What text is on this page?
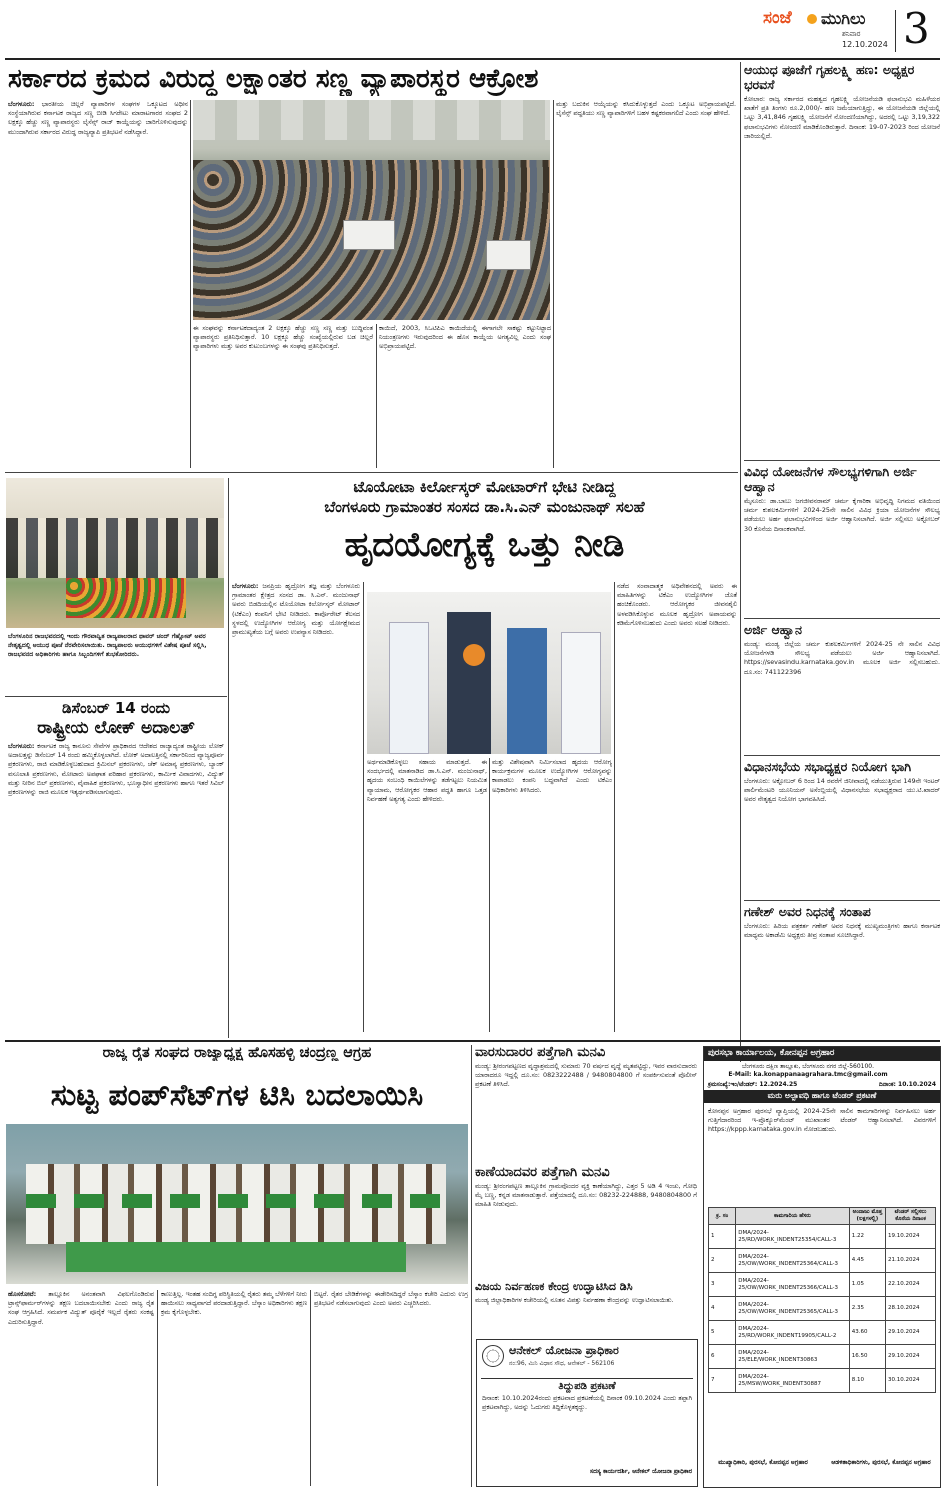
ಸಂಜೆ ಮುಗಿಲು
ಶನಿವಾರ
12.10.2024 3
ಸರ್ಕಾರದ ಕ್ರಮದ ವಿರುದ್ಧ ಲಕ್ಷಾಂತರ ಸಣ್ಣ ವ್ಯಾಪಾರಸ್ಥರ ಆಕ್ರೋಶ

ಬೆಂಗಳೂರು: ಭಾರತೀಯ ಚಿಲ್ಲರೆ ವ್ಯಾಪಾರಿಗಳ ಸಂಘಗಳ ಒಕ್ಕೂಟದ ಅಧೀನ ಸಂಸ್ಥೆಯಾಗಿರುವ ಕರ್ನಾಟಕ ರಾಜ್ಯದ ಸಣ್ಣ ಬೀಡಿ ಸಿಗರೇಟು ಮಾರಾಟಗಾರರ ಸಂಘದ 2 ಲಕ್ಷಕ್ಕೂ ಹೆಚ್ಚು ಸಣ್ಣ ವ್ಯಾಪಾರಸ್ಥರು ಲೈಸೆನ್ಸ್ ರಾಜ್ ಕಾಯ್ದೆಯನ್ನು ಜಾರಿಗೊಳಿಸುವುದನ್ನು ಮುಂದಾಗಿರುವ ಸರ್ಕಾರದ ವಿರುದ್ಧ ರಾಜ್ಯವ್ಯಾಪಿ ಪ್ರತಿಭಟನೆ ನಡೆಸಿದ್ದಾರೆ.

ಈ ಸಂಘವನ್ನು ಕರ್ನಾಟಕದಾದ್ಯಂತ 2 ಲಕ್ಷಕ್ಕೂ ಹೆಚ್ಚು ಸಣ್ಣ ಸಣ್ಣ ಮತ್ತು ಬುದ್ಧಿವಂತ ವ್ಯಾಪಾರಸ್ಥರು ಪ್ರತಿನಿಧಿಸುತ್ತಾರೆ. 10 ಲಕ್ಷಕ್ಕೂ ಹೆಚ್ಚು ಸಂಖ್ಯೆಯಲ್ಲಿರುವ ಬಡ ಚಿಲ್ಲರೆ ವ್ಯಾಪಾರಿಗಳು ಮತ್ತು ಅವರ ಕುಟುಂಬಗಳನ್ನು ಈ ಸಂಘವು ಪ್ರತಿನಿಧಿಸುತ್ತದೆ.

ಕಾಯಿದೆ, 2003, ಸಿಒಟಿಪಿಎ ಕಾಯಿದೆಯಲ್ಲಿ ಈಗಾಗಲೇ ಸಾಕಷ್ಟು ಕಟ್ಟುನಿಟ್ಟಾದ ನಿಯಂತ್ರಣಗಳು ಇರುವುದರಿಂದ ಈ ಹೊಸ ಕಾಯ್ದೆಯ ಅಗತ್ಯವಿಲ್ಲ ಎಂದು ಸಂಘ ಅಭಿಪ್ರಾಯಪಟ್ಟಿದೆ.

ಮತ್ತು ಬದುಕಿನ ಆಯ್ಕೆಯನ್ನು ಕಸಿದುಕೊಳ್ಳುತ್ತದೆ ಎಂದು ಒಕ್ಕೂಟ ಅಭಿಪ್ರಾಯಪಟ್ಟಿದೆ. ಲೈಸೆನ್ಸ್ ಪದ್ಧತಿಯು ಸಣ್ಣ ವ್ಯಾಪಾರಿಗಳಿಗೆ ಬಹಳ ಕಷ್ಟಕರವಾಗಲಿದೆ ಎಂದು ಸಂಘ ಹೇಳಿದೆ.

ಬೆಂಗಳೂರಿನ ರಾಜಭವನದಲ್ಲಿ ಇಂದು ಗೌರವಾನ್ವಿತ ರಾಜ್ಯಪಾಲರಾದ ಥಾವರ್ ಚಂದ್ ಗೆಹ್ಲೋಟ್ ಅವರ ನೇತೃತ್ವದಲ್ಲಿ ಆಯುಧ ಪೂಜೆ ನೆರವೇರಿಸಲಾಯಿತು. ರಾಜ್ಯಪಾಲರು ಆಯುಧಗಳಿಗೆ ವಿಶೇಷ ಪೂಜೆ ಸಲ್ಲಿಸಿ, ರಾಜಭವನದ ಅಧಿಕಾರಿಗಳು ಹಾಗೂ ಸಿಬ್ಬಂದಿಗಳಿಗೆ ಶುಭಕೋರಿದರು.
ಡಿಸೆಂಬರ್ 14 ರಂದು
ರಾಷ್ಟ್ರೀಯ ಲೋಕ್ ಅದಾಲತ್

ಬೆಂಗಳೂರು: ಕರ್ನಾಟಕ ರಾಜ್ಯ ಕಾನೂನು ಸೇವೆಗಳ ಪ್ರಾಧಿಕಾರದ ಆದೇಶದ ರಾಜ್ಯಾದ್ಯಂತ ರಾಷ್ಟ್ರೀಯ ಲೋಕ್ ಅದಾಲತ್ತನ್ನು ಡಿಸೆಂಬರ್ 14 ರಂದು ಹಮ್ಮಿಕೊಳ್ಳಲಾಗಿದೆ. ಲೋಕ್ ಅದಾಲತ್ತಿನಲ್ಲಿ ಸರ್ಕಾರಿನಿಂದ ವ್ಯಾಜ್ಯಪೂರ್ವ ಪ್ರಕರಣಗಳು, ರಾಜಿ ಮಾಡಿಕೊಳ್ಳಬಹುದಾದ ಕ್ರಿಮಿನಲ್ ಪ್ರಕರಣಗಳು, ಚೆಕ್ ಅಮಾನ್ಯ ಪ್ರಕರಣಗಳು, ಬ್ಯಾಂಕ್ ವಸೂಲಾತಿ ಪ್ರಕರಣಗಳು, ಮೋಟಾರು ಅಪಘಾತ ಪರಿಹಾರ ಪ್ರಕರಣಗಳು, ಕಾರ್ಮಿಕ ವಿವಾದಗಳು, ವಿದ್ಯುತ್ ಮತ್ತು ನೀರಿನ ಬಿಲ್ ಪ್ರಕರಣಗಳು, ವೈವಾಹಿಕ ಪ್ರಕರಣಗಳು, ಭೂಸ್ವಾಧೀನ ಪ್ರಕರಣಗಳು ಹಾಗೂ ಇತರೆ ಸಿವಿಲ್ ಪ್ರಕರಣಗಳನ್ನು ರಾಜಿ ಮೂಲಕ ಇತ್ಯರ್ಥಪಡಿಸಲಾಗುವುದು.

ಟೊಯೋಟಾ ಕಿರ್ಲೋಸ್ಕರ್ ಮೋಟಾರ್‌ಗೆ ಭೇಟಿ ನೀಡಿದ್ದ
ಬೆಂಗಳೂರು ಗ್ರಾಮಾಂತರ ಸಂಸದ ಡಾ.ಸಿ.ಎನ್ ಮಂಜುನಾಥ್ ಸಲಹೆ
ಹೃದಯೋಗ್ಯಕ್ಕೆ ಒತ್ತು ನೀಡಿ

ಬೆಂಗಳೂರು: ಜನಪ್ರಿಯ ಹೃದ್ರೋಗ ತಜ್ಞ ಮತ್ತು ಬೆಂಗಳೂರು ಗ್ರಾಮಾಂತರ ಕ್ಷೇತ್ರದ ಸಂಸದ ಡಾ. ಸಿ.ಎನ್. ಮಂಜುನಾಥ್ ಅವರು ಬಿಡದಿಯಲ್ಲಿನ ಟೊಯೋಟಾ ಕಿರ್ಲೋಸ್ಕರ್ ಮೋಟಾರ್ (ಟಿಕೆಎಂ) ಕಂಪನಿಗೆ ಭೇಟಿ ನೀಡಿದರು. ಕಾರ್ಪೊರೇಟ್ ಕೆಲಸದ ಸ್ಥಳದಲ್ಲಿ ಉದ್ಯೋಗಿಗಳ ಆರೋಗ್ಯ ಮತ್ತು ಯೋಗಕ್ಷೇಮದ ಪ್ರಾಮುಖ್ಯತೆಯ ಬಗ್ಗೆ ಅವರು ಉಪನ್ಯಾಸ ನೀಡಿದರು.

ಅರ್ಥಮಾಡಿಕೊಳ್ಳಲು ಸಹಾಯ ಮಾಡುತ್ತದೆ. ಈ ಸಂದರ್ಭದಲ್ಲಿ ಮಾತನಾಡಿದ ಡಾ.ಸಿ.ಎನ್. ಮಂಜುನಾಥ್, ಹೃದಯ ಸಂಬಂಧಿ ಕಾಯಿಲೆಗಳನ್ನು ತಡೆಗಟ್ಟಲು ನಿಯಮಿತ ವ್ಯಾಯಾಮ, ಆರೋಗ್ಯಕರ ಆಹಾರ ಪದ್ಧತಿ ಹಾಗೂ ಒತ್ತಡ ನಿರ್ವಹಣೆ ಅತ್ಯಗತ್ಯ ಎಂದು ಹೇಳಿದರು.

ಮತ್ತು ವಿಶೇಷವಾಗಿ ನಿರ್ಮಿಸಲಾದ ಹೃದಯ ಆರೋಗ್ಯ ಕಾರ್ಯಕ್ರಮಗಳ ಮೂಲಕ ಉದ್ಯೋಗಿಗಳ ಆರೋಗ್ಯವನ್ನು ಕಾಪಾಡಲು ಕಂಪನಿ ಬದ್ಧವಾಗಿದೆ ಎಂದು ಟಿಕೆಎಂ ಅಧಿಕಾರಿಗಳು ತಿಳಿಸಿದರು.

ನಡೆದ ಸಂವಾದಾತ್ಮಕ ಅಧಿವೇಶನದಲ್ಲಿ ಅವರು ಈ ಮಾಹಿತಿಗಳನ್ನು ಟಿಕೆಎಂ ಉದ್ಯೋಗಿಗಳ ಜೊತೆ ಹಂಚಿಕೊಂಡರು. ಆರೋಗ್ಯಕರ ಜೀವನಶೈಲಿ ಅಳವಡಿಸಿಕೊಳ್ಳುವ ಮೂಲಕ ಹೃದ್ರೋಗ ಅಪಾಯವನ್ನು ಕಡಿಮೆಗೊಳಿಸಬಹುದು ಎಂದು ಅವರು ಸಲಹೆ ನೀಡಿದರು.

ಆಯುಧ ಪೂಜೆಗೆ ಗೃಹಲಕ್ಷ್ಮಿ ಹಣ: ಅಧ್ಯಕ್ಷರ ಭರವಸೆ
ಕೋಲಾರ: ರಾಜ್ಯ ಸರ್ಕಾರದ ಮಹತ್ವದ ಗೃಹಲಕ್ಷ್ಮಿ ಯೋಜನೆಯಡಿ ಫಲಾನುಭವಿ ಮಹಿಳೆಯರ ಖಾತೆಗೆ ಪ್ರತಿ ತಿಂಗಳು ರೂ.2,000/- ಹಣ ಜಮೆಯಾಗುತ್ತಿದ್ದು, ಈ ಯೋಜನೆಯಡಿ ಜಿಲ್ಲೆಯಲ್ಲಿ ಒಟ್ಟು 3,41,846 ಗೃಹಲಕ್ಷ್ಮಿ ಯೋಜನೆಗೆ ನೋಂದಣಿಯಾಗಿದ್ದು, ಅದರಲ್ಲಿ ಒಟ್ಟು 3,19,322 ಫಲಾನುಭವಿಗಳು ನೋಂದಣಿ ಮಾಡಿಕೊಂಡಿರುತ್ತಾರೆ. ದಿನಾಂಕ: 19-07-2023 ರಿಂದ ಯೋಜನೆ ಜಾರಿಯಲ್ಲಿದೆ.
ವಿವಿಧ ಯೋಜನೆಗಳ ಸೌಲಭ್ಯಗಳಿಗಾಗಿ ಅರ್ಜಿ ಆಹ್ವಾನ
ಮೈಸೂರು: ಡಾ.ಬಾಬು ಜಗಜೀವನರಾಮ್ ಚರ್ಮ ಕೈಗಾರಿಕಾ ಅಭಿವೃದ್ಧಿ ನಿಗಮದ ವತಿಯಿಂದ ಚರ್ಮ ಕುಶಲಕರ್ಮಿಗಳಿಗೆ 2024-25ನೇ ಸಾಲಿನ ವಿವಿಧ ಕ್ರಿಯಾ ಯೋಜನೆಗಳ ಸೌಲಭ್ಯ ಪಡೆಯಲು ಅರ್ಹ ಫಲಾನುಭವಿಗಳಿಂದ ಅರ್ಜಿ ಆಹ್ವಾನಿಸಲಾಗಿದೆ. ಅರ್ಜಿ ಸಲ್ಲಿಸಲು ಅಕ್ಟೋಬರ್ 30 ಕೊನೆಯ ದಿನಾಂಕವಾಗಿದೆ.
ಅರ್ಜಿ ಆಹ್ವಾನ
ಮಂಡ್ಯ: ಮಂಡ್ಯ ಜಿಲ್ಲೆಯ ಚರ್ಮ ಕುಶಲಕರ್ಮಿಗಳಿಗೆ 2024-25 ನೇ ಸಾಲಿನ ವಿವಿಧ ಯೋಜನೆಗಳಡಿ ಸೌಲಭ್ಯ ಪಡೆಯಲು ಅರ್ಜಿ ಆಹ್ವಾನಿಸಲಾಗಿದೆ. https://sevasindu.karnataka.gov.in ಮೂಲಕ ಅರ್ಜಿ ಸಲ್ಲಿಸಬಹುದು. ದೂ.ಸಂ: 741122396
ವಿಧಾನಸಭೆಯ ಸಭಾಧ್ಯಕ್ಷರ ನಿಯೋಗ ಭಾಗಿ
ಬೆಂಗಳೂರು: ಅಕ್ಟೋಬರ್ 6 ರಿಂದ 14 ರವರೆಗೆ ಜಿನೀವಾದಲ್ಲಿ ನಡೆಯುತ್ತಿರುವ 149ನೇ ಇಂಟರ್ ಪಾರ್ಲಿಮೆಂಟರಿ ಯೂನಿಯನ್ ಅಸೆಂಬ್ಲಿಯಲ್ಲಿ ವಿಧಾನಸಭೆಯ ಸಭಾಧ್ಯಕ್ಷರಾದ ಯು.ಟಿ.ಖಾದರ್ ಅವರ ನೇತೃತ್ವದ ನಿಯೋಗ ಭಾಗವಹಿಸಿದೆ.
ಗಣೇಶ್ ಅವರ ನಿಧನಕ್ಕೆ ಸಂತಾಪ
ಬೆಂಗಳೂರು: ಹಿರಿಯ ಪತ್ರಕರ್ತ ಗಣೇಶ್ ಅವರ ನಿಧನಕ್ಕೆ ಮುಖ್ಯಮಂತ್ರಿಗಳು ಹಾಗೂ ಕರ್ನಾಟಕ ಮಾಧ್ಯಮ ಅಕಾಡೆಮಿ ಅಧ್ಯಕ್ಷರು ತೀವ್ರ ಸಂತಾಪ ಸೂಚಿಸಿದ್ದಾರೆ.
ರಾಜ್ಯ ರೈತ ಸಂಘದ ರಾಜ್ಯಾಧ್ಯಕ್ಷ ಹೊಸಹಳ್ಳಿ ಚಂದ್ರಣ್ಣ ಆಗ್ರಹ
ಸುಟ್ಟ ಪಂಪ್‌ಸೆಟ್‌ಗಳ ಟಿಸಿ ಬದಲಾಯಿಸಿ

ಹೊಸಕೋಟೆ: ತಾಲ್ಲೂಕಿನ ಅನಂತವಾಗಿ ವಿಫಲಗೊಂಡಿರುವ ಟ್ರಾನ್ಸ್‌ಫಾರ್ಮರ್‌ಗಳನ್ನು ತಕ್ಷಣ ಬದಲಾಯಿಸಬೇಕು ಎಂದು ರಾಜ್ಯ ರೈತ ಸಂಘ ಆಗ್ರಹಿಸಿದೆ. ಸಮರ್ಪಕ ವಿದ್ಯುತ್ ಪೂರೈಕೆ ಇಲ್ಲದೆ ರೈತರು ಸಂಕಷ್ಟ ಎದುರಿಸುತ್ತಿದ್ದಾರೆ.

ಕಾಣುತ್ತಿಲ್ಲ. ಇಂತಹ ಸಂದಿಗ್ಧ ಪರಿಸ್ಥಿತಿಯಲ್ಲಿ ರೈತರು ತಮ್ಮ ಬೆಳೆಗಳಿಗೆ ನೀರು ಹಾಯಿಸಲು ಸಾಧ್ಯವಾಗದೆ ಪರದಾಡುತ್ತಿದ್ದಾರೆ. ಬೆಸ್ಕಾಂ ಅಧಿಕಾರಿಗಳು ತಕ್ಷಣ ಕ್ರಮ ಕೈಗೊಳ್ಳಬೇಕು.

ಬಿಟ್ಟರೆ. ರೈತರ ಬೇಡಿಕೆಗಳನ್ನು ಈಡೇರಿಸದಿದ್ದರೆ ಬೆಸ್ಕಾಂ ಕಚೇರಿ ಎದುರು ಉಗ್ರ ಪ್ರತಿಭಟನೆ ನಡೆಸಲಾಗುವುದು ಎಂದು ಅವರು ಎಚ್ಚರಿಸಿದರು.

ವಾರಸುದಾರರ ಪತ್ತೆಗಾಗಿ ಮನವಿ
ಮಂಡ್ಯ: ಶ್ರೀರಂಗಪಟ್ಟಣದ ವೃದ್ಧಾಶ್ರಮದಲ್ಲಿ ಸುಮಾರು 70 ವರ್ಷದ ವೃದ್ಧೆ ಮೃತಪಟ್ಟಿದ್ದು, ಇವರ ವಾರಸುದಾರರು ಯಾರಾದರೂ ಇದ್ದಲ್ಲಿ ದೂ.ಸಂ: 0823222488 / 9480804800 ಗೆ ಸಂಪರ್ಕಿಸುವಂತೆ ಪೊಲೀಸ್ ಪ್ರಕಟಣೆ ತಿಳಿಸಿದೆ.
ಕಾಣೆಯಾದವರ ಪತ್ತೆಗಾಗಿ ಮನವಿ
ಮಂಡ್ಯ: ಶ್ರೀರಂಗಪಟ್ಟಣ ತಾಲ್ಲೂಕಿನ ಗ್ರಾಮವೊಂದರ ವ್ಯಕ್ತಿ ಕಾಣೆಯಾಗಿದ್ದು, ಎತ್ತರ 5 ಅಡಿ 4 ಇಂಚು, ಗೋಧಿ ಮೈ ಬಣ್ಣ, ಕನ್ನಡ ಮಾತನಾಡುತ್ತಾರೆ. ಪತ್ತೆಯಾದಲ್ಲಿ ದೂ.ಸಂ: 08232-224888, 9480804800 ಗೆ ಮಾಹಿತಿ ನೀಡುವುದು.
ವಿಜಯ ನಿರ್ವಹಣಕ ಕೇಂದ್ರ ಉದ್ಘಾಟಿಸಿದ ಡಿಸಿ
ಮಂಡ್ಯ ಜಿಲ್ಲಾಧಿಕಾರಿಗಳ ಕಚೇರಿಯಲ್ಲಿ ನೂತನ ವಿಪತ್ತು ನಿರ್ವಹಣಾ ಕೇಂದ್ರವನ್ನು ಉದ್ಘಾಟಿಸಲಾಯಿತು.
ಆನೇಕಲ್ ಯೋಜನಾ ಪ್ರಾಧಿಕಾರ
ನಂ:96, ಮಿನಿ ವಿಧಾನ ಸೌಧ, ಆನೇಕಲ್ - 562106
ತಿದ್ದುಪಡಿ ಪ್ರಕಟಣೆ
ದಿನಾಂಕ: 10.10.2024ರಂದು ಪ್ರಕಟವಾದ ಪ್ರಕಟಣೆಯಲ್ಲಿ ದಿನಾಂಕ 09.10.2024 ಎಂದು ತಪ್ಪಾಗಿ ಪ್ರಕಟವಾಗಿದ್ದು, ಅದನ್ನು ಓದುಗರು ತಿದ್ದಿಕೊಳ್ಳತಕ್ಕದ್ದು.
ಸದಸ್ಯ ಕಾರ್ಯದರ್ಶಿ, ಆನೇಕಲ್ ಯೋಜನಾ ಪ್ರಾಧಿಕಾರ
ಪುರಸಭಾ ಕಾರ್ಯಾಲಯ, ಕೋನಪ್ಪನ ಅಗ್ರಹಾರ
ಬೆಂಗಳೂರು ದಕ್ಷಿಣ ತಾಲ್ಲೂಕು, ಬೆಂಗಳೂರು ನಗರ ಜಿಲ್ಲೆ-560100.
E-Mail: ka.konappanaagrahara.tmc@gmail.com
ಕ್ರಮಸಂಖ್ಯೆ:ಇಂ/ಟೆಂಡರ್: 12.2024.25	ದಿನಾಂಕ: 10.10.2024
ಮರು ಅಲ್ಪಾವಧಿ ಹಾಗೂ ಟೆಂಡರ್ ಪ್ರಕಟಣೆ
ಕೋನಪ್ಪನ ಅಗ್ರಹಾರ ಪುರಸಭೆ ವ್ಯಾಪ್ತಿಯಲ್ಲಿ 2024-25ನೇ ಸಾಲಿನ ಕಾಮಗಾರಿಗಳನ್ನು ನಿರ್ವಹಿಸಲು ಅರ್ಹ ಗುತ್ತಿಗೆದಾರರಿಂದ ಇ-ಪ್ರೊಕ್ಯೂರ್‌ಮೆಂಟ್ ಮುಖಾಂತರ ಟೆಂಡರ್ ಆಹ್ವಾನಿಸಲಾಗಿದೆ. ವಿವರಗಳಿಗೆ https://kppp.karnataka.gov.in ನೋಡಬಹುದು.
ಕ್ರ. ಸಂ	ಕಾಮಗಾರಿಯ ಹೆಸರು	ಅಂದಾಜು ಮೊತ್ತ (ಲಕ್ಷಗಳಲ್ಲಿ)	ಟೆಂಡರ್ ಸಲ್ಲಿಸಲು ಕೊನೆಯ ದಿನಾಂಕ
1	DMA/2024-25/RD/WORK_INDENT25354/CALL-3	1.22	19.10.2024
2	DMA/2024-25/OW/WORK_INDENT25364/CALL-3	4.45	21.10.2024
3	DMA/2024-25/OW/WORK_INDENT25366/CALL-3	1.05	22.10.2024
4	DMA/2024-25/OW/WORK_INDENT25365/CALL-3	2.35	28.10.2024
5	DMA/2024-25/RD/WORK_INDENT19905/CALL-2	43.60	29.10.2024
6	DMA/2024-25/ELE/WORK_INDENT30863	16.50	29.10.2024
7	DMA/2024-25/MSW/WORK_INDENT30887	8.10	30.10.2024
ಮುಖ್ಯಾಧಿಕಾರಿ, ಪುರಸಭೆ, ಕೋನಪ್ಪನ ಅಗ್ರಹಾರ	ಆಡಳಿತಾಧಿಕಾರಿಗಳು, ಪುರಸಭೆ, ಕೋನಪ್ಪನ ಅಗ್ರಹಾರ
